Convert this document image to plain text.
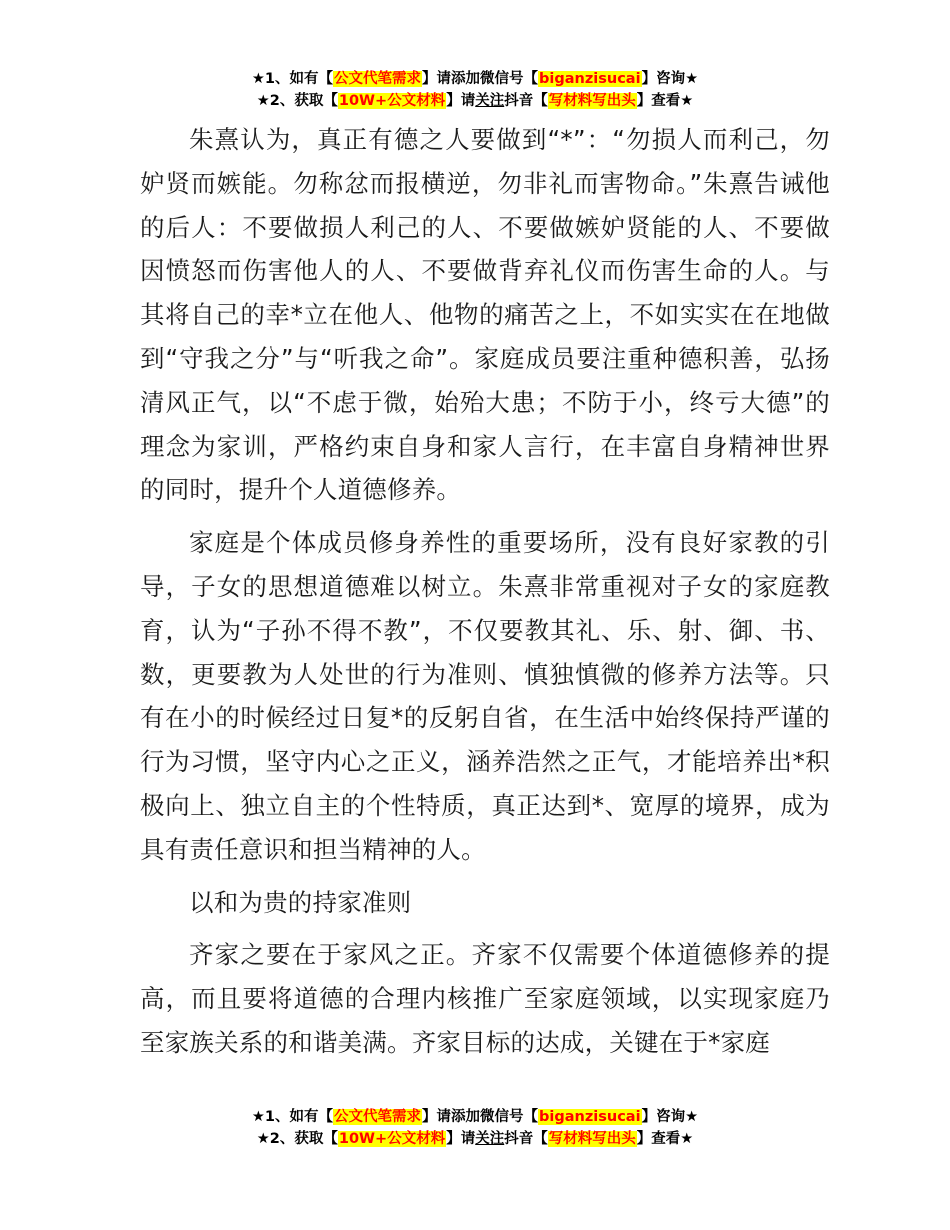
★1、如有【公文代笔需求】请添加微信号【biganzisucai】咨询★
★2、获取【10W+公文材料】请关注抖音【写材料写出头】查看★

朱熹认为，真正有德之人要做到“*”：“勿损人而利己，勿妒贤而嫉能。勿称忿而报横逆，勿非礼而害物命。”朱熹告诫他的后人：不要做损人利己的人、不要做嫉妒贤能的人、不要做因愤怒而伤害他人的人、不要做背弃礼仪而伤害生命的人。与其将自己的幸*立在他人、他物的痛苦之上，不如实实在在地做到“守我之分”与“听我之命”。家庭成员要注重种德积善，弘扬清风正气，以“不虑于微，始殆大患；不防于小，终亏大德”的理念为家训，严格约束自身和家人言行，在丰富自身精神世界的同时，提升个人道德修养。

家庭是个体成员修身养性的重要场所，没有良好家教的引导，子女的思想道德难以树立。朱熹非常重视对子女的家庭教育，认为“子孙不得不教”，不仅要教其礼、乐、射、御、书、数，更要教为人处世的行为准则、慎独慎微的修养方法等。只有在小的时候经过日复*的反躬自省，在生活中始终保持严谨的行为习惯，坚守内心之正义，涵养浩然之正气，才能培养出*积极向上、独立自主的个性特质，真正达到*、宽厚的境界，成为具有责任意识和担当精神的人。

以和为贵的持家准则

齐家之要在于家风之正。齐家不仅需要个体道德修养的提高，而且要将道德的合理内核推广至家庭领域，以实现家庭乃至家族关系的和谐美满。齐家目标的达成，关键在于*家庭

★1、如有【公文代笔需求】请添加微信号【biganzisucai】咨询★
★2、获取【10W+公文材料】请关注抖音【写材料写出头】查看★
